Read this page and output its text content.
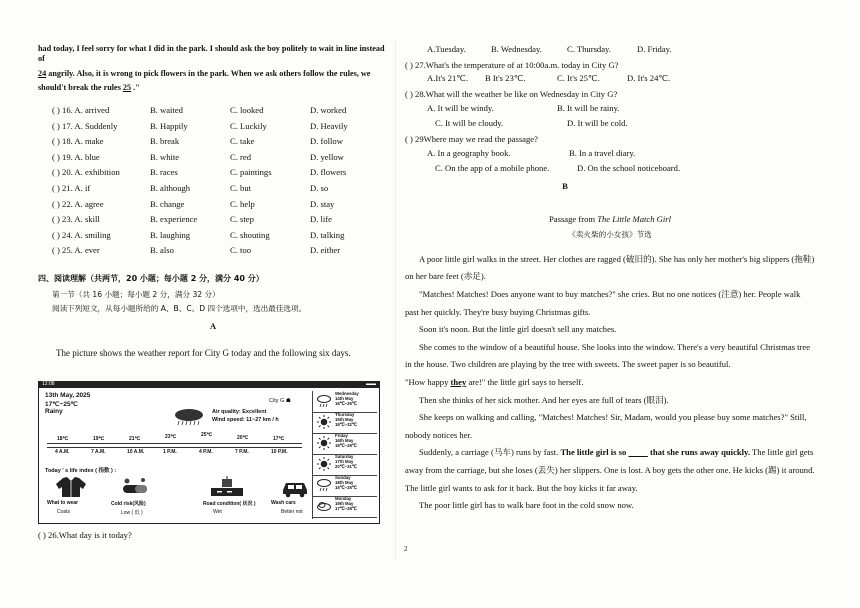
had today, I feel sorry for what I did in the park. I should ask the boy politely to wait in line instead of

24 angrily. Also, it is wrong to pick flowers in the park. When we ask others follow the rules, we

should't break the rules 25 ."

( ) 16. A. arrived	B. waited	C. looked	D. worked
( ) 17. A. Suddenly	B. Happily	C. Luckily	D. Heavily
( ) 18. A. make	B. break	C. take	D. follow
( ) 19. A. blue	B. white	C. red	D. yellow
( ) 20. A. exhibition	B. races	C. paintings	D. flowers
( ) 21. A. if	B. although	C. but	D. so
( ) 22. A. agree	B. change	C. help	D. stay
( ) 23. A. skill	B. experience	C. step	D. life
( ) 24. A. smiling	B. laughing	C. shouting	D. talking
( ) 25. A. ever	B. also	C. too	D. either

四、阅读理解（共两节，20 小题；每小题 2 分，满分 40 分）

第一节（共 16 小题；每小题 2 分，满分 32 分）

阅读下列短文，从每小题所给的 A、B、C、D 四个选项中，选出最佳选项。

A

The picture shows the weather report for City G today and the following six days.

12:08	▬▬
13th May, 2025
17℃~25℃
Rainy
City G ☗
Air quality: Excellent
Wind speed: 11~27 km / h
18℃
4 A.M.
19℃
7 A.M.
21℃
10 A.M.
23℃
1 P.M.
25℃
4 P.M.
20℃
7 P.M.
17℃
10 P.M.
Today ' s life index ( 指数 ) :
What to wear
Coats
Cold risk(风险)
Low ( 低 )
Road condition( 状况 )
Wet
Wash cars
Better not
Wednesday
14th May
16℃~25℃
Thursday
15th May
18℃~32℃
Friday
16th May
18℃~28℃
Saturday
17th May
20℃~31℃
Sunday
18th May
15℃~25℃
Monday
19th May
17℃~28℃

( ) 26.What day is it today?

A.Tuesday.	B. Wednesday.	C. Thursday.	D. Friday.

( ) 27.What's the temperature of at 10:00a.m. today in City G?

A.It's 21℃. B It's 23℃.	C. It's 25℃.	D. It's 24℃.

( ) 28.What will the weather be like on Wednesday in City G?

A. It will be windy.	B. It will be rainy.
C. It will be cloudy.	D. It will be cold.

( ) 29Where may we read the passage?

A. In a geography book.	B. In a travel diary.
C. On the app of a mobile phone.	D. On the school noticeboard.

B

Passage from The Little Match Girl

《卖火柴的小女孩》节选

A poor little girl walks in the street. Her clothes are ragged (破旧的). She has only her mother's big slippers (拖鞋) on her bare feet (赤足).

"Matches! Matches! Does anyone want to buy matches?" she cries. But no one notices (注意) her. People walk past her quickly. They're busy buying Christmas gifts.

Soon it's noon. But the little girl doesn't sell any matches.

She comes to the window of a beautiful house. She looks into the window. There's a very beautiful Christmas tree in the house. Two children are playing by the tree with sweets. The sweet paper is so beautiful.

"How happy they are!" the little girl says to herself.

Then she thinks of her sick mother. And her eyes are full of tears (眼泪).

She keeps on walking and calling, "Matches! Matches! Sir, Madam, would you please buy some matches?" Still, nobody notices her.

Suddenly, a carriage (马车) runs by fast. The little girl is so	that she runs away quickly. The little girl gets away from the carriage, but she loses (丢失) her slippers. One is lost. A boy gets the other one. He kicks (踢) it around. The little girl wants to ask for it back. But the boy kicks it far away.

The poor little girl has to walk bare foot in the cold snow now.

2
